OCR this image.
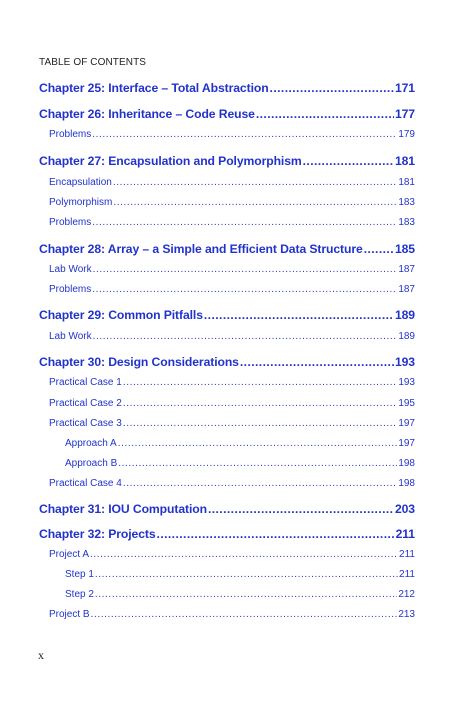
TABLE OF CONTENTS
Chapter 25: Interface – Total Abstraction .....	171
Chapter 26: Inheritance – Code Reuse .....	177
Problems .....	179
Chapter 27: Encapsulation and Polymorphism .....	181
Encapsulation .....	181
Polymorphism .....	183
Problems .....	183
Chapter 28: Array – a Simple and Efficient Data Structure .....	185
Lab Work .....	187
Problems .....	187
Chapter 29: Common Pitfalls .....	189
Lab Work .....	189
Chapter 30: Design Considerations .....	193
Practical Case 1 .....	193
Practical Case 2 .....	195
Practical Case 3 .....	197
Approach A .....	197
Approach B .....	198
Practical Case 4 .....	198
Chapter 31: IOU Computation .....	203
Chapter 32: Projects .....	211
Project A .....	211
Step 1 .....	211
Step 2 .....	212
Project B .....	213
x
